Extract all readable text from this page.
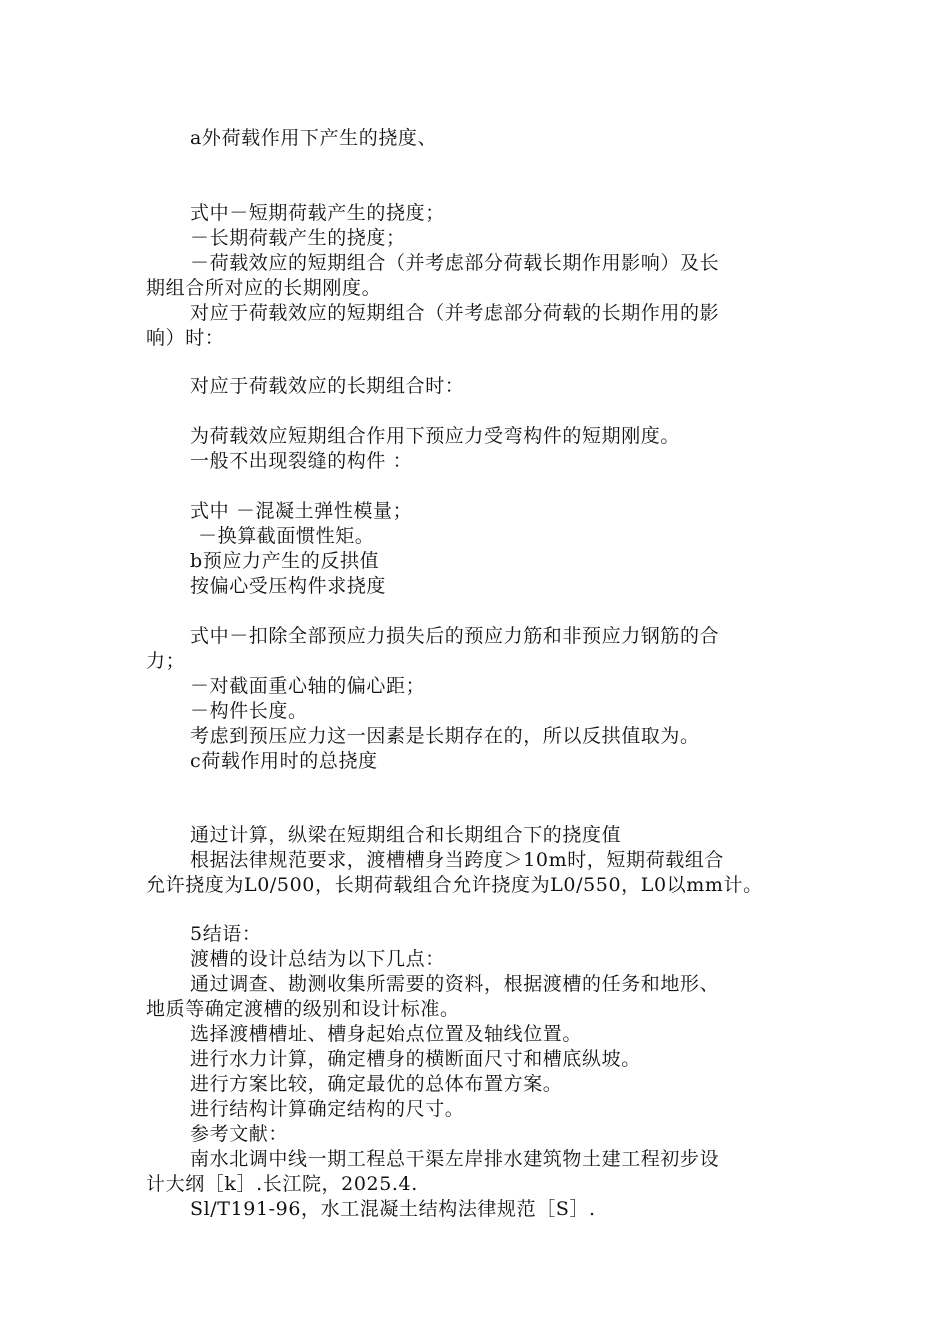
a外荷载作用下产生的挠度、
式中－短期荷载产生的挠度；
－长期荷载产生的挠度；
－荷载效应的短期组合（并考虑部分荷载长期作用影响）及长
期组合所对应的长期刚度。
对应于荷载效应的短期组合（并考虑部分荷载的长期作用的影
响）时：
对应于荷载效应的长期组合时：
为荷载效应短期组合作用下预应力受弯构件的短期刚度。
一般不出现裂缝的构件 ：
式中 －混凝土弹性模量；
－换算截面惯性矩。
b预应力产生的反拱值
按偏心受压构件求挠度
式中－扣除全部预应力损失后的预应力筋和非预应力钢筋的合
力；
－对截面重心轴的偏心距；
－构件长度。
考虑到预压应力这一因素是长期存在的，所以反拱值取为。
c荷载作用时的总挠度
通过计算，纵梁在短期组合和长期组合下的挠度值
根据法律规范要求，渡槽槽身当跨度＞10m时，短期荷载组合
允许挠度为L0/500，长期荷载组合允许挠度为L0/550，L0以mm计。
5结语：
渡槽的设计总结为以下几点：
通过调查、勘测收集所需要的资料，根据渡槽的任务和地形、
地质等确定渡槽的级别和设计标准。
选择渡槽槽址、槽身起始点位置及轴线位置。
进行水力计算，确定槽身的横断面尺寸和槽底纵坡。
进行方案比较，确定最优的总体布置方案。
进行结构计算确定结构的尺寸。
参考文献：
南水北调中线一期工程总干渠左岸排水建筑物土建工程初步设
计大纲［k］.长江院，2025.4.
Sl/T191-96，水工混凝土结构法律规范［S］.
